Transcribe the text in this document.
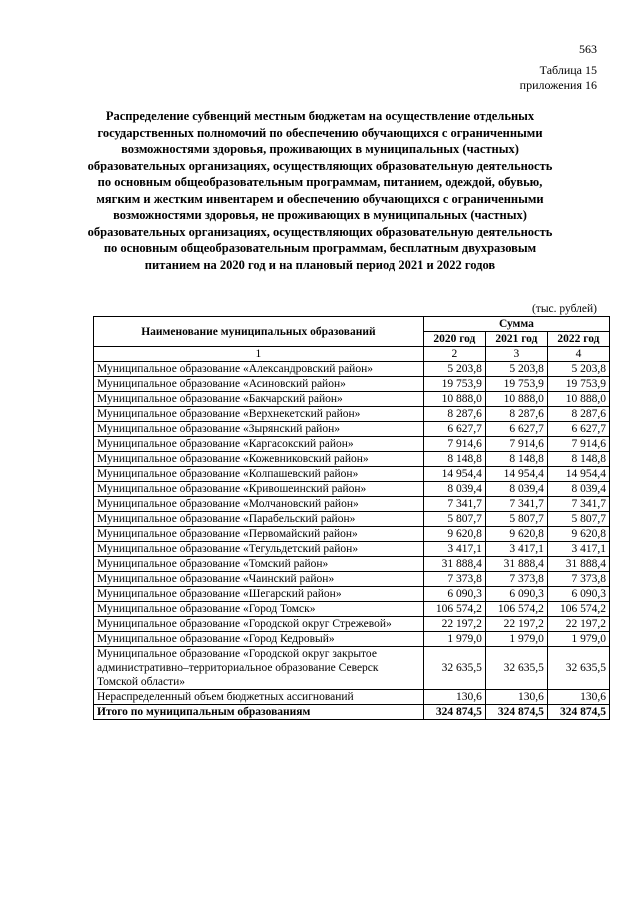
563
Таблица 15
приложения 16

Распределение субвенций местным бюджетам на осуществление отдельных государственных полномочий по обеспечению обучающихся с ограниченными возможностями здоровья, проживающих в муниципальных (частных) образовательных организациях, осуществляющих образовательную деятельность по основным общеобразовательным программам, питанием, одеждой, обувью, мягким и жестким инвентарем и обеспечению обучающихся с ограниченными возможностями здоровья, не проживающих в муниципальных (частных) образовательных организациях, осуществляющих образовательную деятельность по основным общеобразовательным программам, бесплатным двухразовым питанием на 2020 год и на плановый период 2021 и 2022 годов

(тыс. рублей)
Наименование муниципальных образований	Сумма		
	2020 год	2021 год	2022 год
1	2	3	4
Муниципальное образование «Александровский район»	5 203,8	5 203,8	5 203,8
Муниципальное образование «Асиновский район»	19 753,9	19 753,9	19 753,9
Муниципальное образование «Бакчарский район»	10 888,0	10 888,0	10 888,0
Муниципальное образование «Верхнекетский район»	8 287,6	8 287,6	8 287,6
Муниципальное образование «Зырянский район»	6 627,7	6 627,7	6 627,7
Муниципальное образование «Каргасокский район»	7 914,6	7 914,6	7 914,6
Муниципальное образование «Кожевниковский район»	8 148,8	8 148,8	8 148,8
Муниципальное образование «Колпашевский район»	14 954,4	14 954,4	14 954,4
Муниципальное образование «Кривошеинский район»	8 039,4	8 039,4	8 039,4
Муниципальное образование «Молчановский район»	7 341,7	7 341,7	7 341,7
Муниципальное образование «Парабельский район»	5 807,7	5 807,7	5 807,7
Муниципальное образование «Первомайский район»	9 620,8	9 620,8	9 620,8
Муниципальное образование «Тегульдетский район»	3 417,1	3 417,1	3 417,1
Муниципальное образование «Томский район»	31 888,4	31 888,4	31 888,4
Муниципальное образование «Чаинский район»	7 373,8	7 373,8	7 373,8
Муниципальное образование «Шегарский район»	6 090,3	6 090,3	6 090,3
Муниципальное образование «Город Томск»	106 574,2	106 574,2	106 574,2
Муниципальное образование «Городской округ Стрежевой»	22 197,2	22 197,2	22 197,2
Муниципальное образование «Город Кедровый»	1 979,0	1 979,0	1 979,0
Муниципальное образование «Городской округ закрытое административно–территориальное образование Северск Томской области»	32 635,5	32 635,5	32 635,5
Нераспределенный объем бюджетных ассигнований	130,6	130,6	130,6
Итого по муниципальным образованиям	324 874,5	324 874,5	324 874,5
